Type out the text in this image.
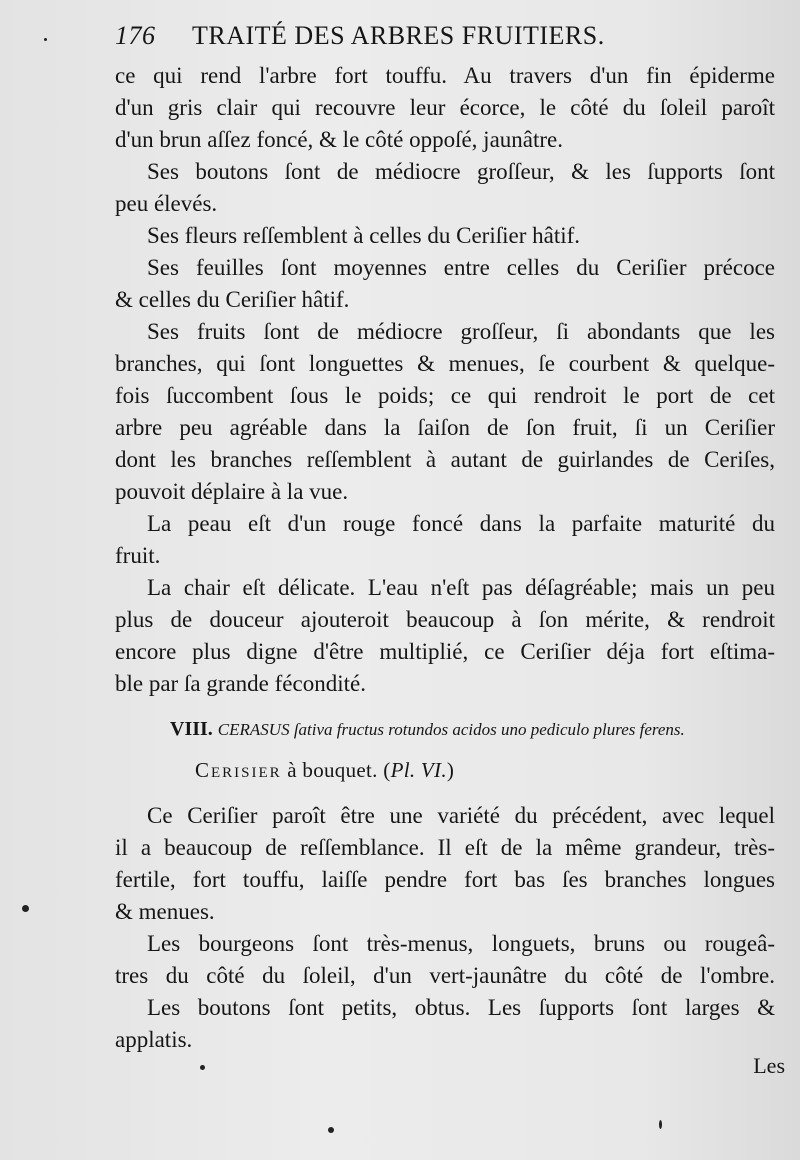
176 TRAITÉ DES ARBRES FRUITIERS.
ce qui rend l'arbre fort touffu. Au travers d'un fin épiderme
d'un gris clair qui recouvre leur écorce, le côté du ſoleil paroît
d'un brun aſſez foncé, & le côté oppoſé, jaunâtre.
Ses boutons ſont de médiocre groſſeur, & les ſupports ſont
peu élevés.
Ses fleurs reſſemblent à celles du Ceriſier hâtif.
Ses feuilles ſont moyennes entre celles du Ceriſier précoce
& celles du Ceriſier hâtif.
Ses fruits ſont de médiocre groſſeur, ſi abondants que les
branches, qui ſont longuettes & menues, ſe courbent & quelque-
fois ſuccombent ſous le poids; ce qui rendroit le port de cet
arbre peu agréable dans la ſaiſon de ſon fruit, ſi un Ceriſier
dont les branches reſſemblent à autant de guirlandes de Ceriſes,
pouvoit déplaire à la vue.
La peau eſt d'un rouge foncé dans la parfaite maturité du
fruit.
La chair eſt délicate. L'eau n'eſt pas déſagréable; mais un peu
plus de douceur ajouteroit beaucoup à ſon mérite, & rendroit
encore plus digne d'être multiplié, ce Ceriſier déja fort eſtima-
ble par ſa grande fécondité.
VIII. CERASUS ſativa fructus rotundos acidos uno pediculo plures ferens.
Ceriſier à bouquet. (Pl. VI.)
Ce Ceriſier paroît être une variété du précédent, avec lequel
il a beaucoup de reſſemblance. Il eſt de la même grandeur, très-
fertile, fort touffu, laiſſe pendre fort bas ſes branches longues
& menues.
Les bourgeons ſont très-menus, longuets, bruns ou rougeâ-
tres du côté du ſoleil, d'un vert-jaunâtre du côté de l'ombre.
Les boutons ſont petits, obtus. Les ſupports ſont larges &
applatis.
Les
